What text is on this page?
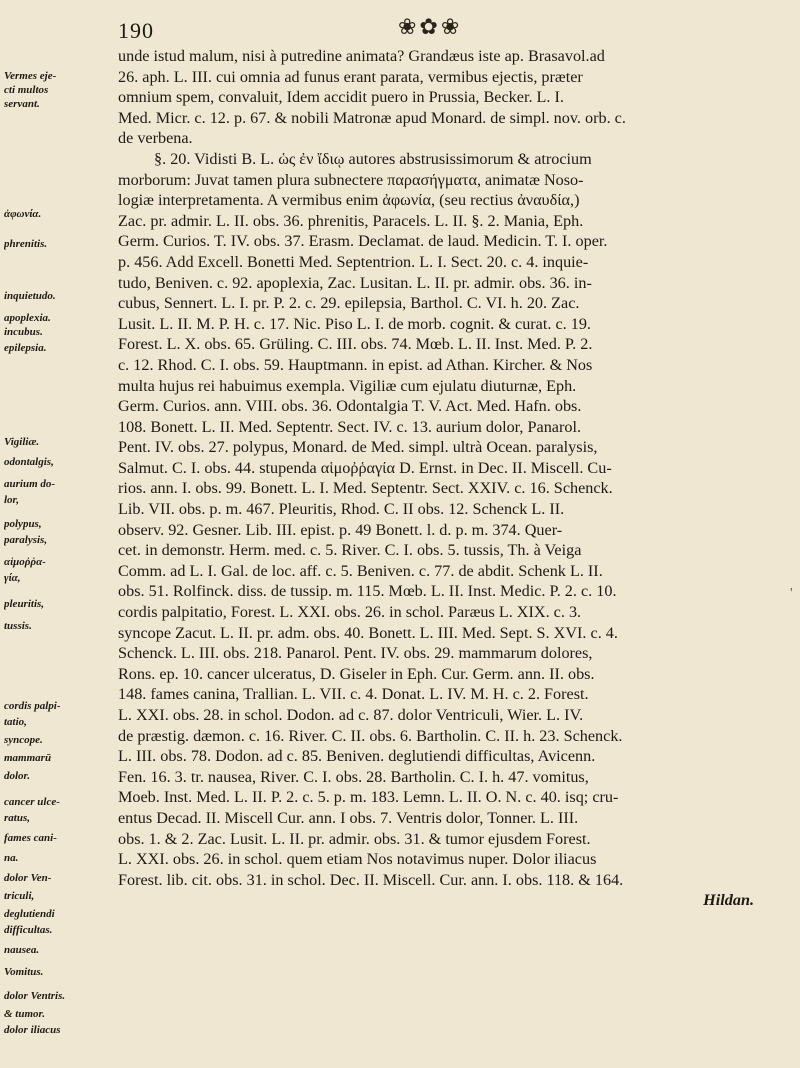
190	❀✿❀
Vermes eje-
cti multos
servant.
ἀφωνία.
phrenitis.
inquietudo.
apoplexia.
incubus.
epilepsia.
Vigiliæ.
odontalgis,
aurium do-
lor,
polypus,
paralysis,
αἱμοῤῥα-
γία,
pleuritis,
tussis.
cordis palpi-
tatio,
syncope.
mammarū
dolor.
cancer ulce-
ratus,
fames cani-
na.
dolor Ven-
triculi,
deglutiendi
difficultas.
nausea.
Vomitus.
dolor Ventris.
& tumor.
dolor iliacus
unde istud malum, nisi à putredine animata? Grandæus iste ap. Brasavol.ad
26. aph. L. III. cui omnia ad funus erant parata, vermibus ejectis, præter
omnium spem, convaluit, Idem accidit puero in Prussia, Becker. L. I.
Med. Micr. c. 12. p. 67. & nobili Matronæ apud Monard. de simpl. nov. orb. c.
de verbena.
§. 20. Vidisti B. L. ὡς ἐν ἴδιῳ autores abstrusissimorum & atrocium
morborum: Juvat tamen plura subnectere παρασήγματα, animatæ Noso-
logiæ interpretamenta. A vermibus enim ἀφωνία, (seu rectius ἀναυδία,)
Zac. pr. admir. L. II. obs. 36. phrenitis, Paracels. L. II. §. 2. Mania, Eph.
Germ. Curios. T. IV. obs. 37. Erasm. Declamat. de laud. Medicin. T. I. oper.
p. 456. Add Excell. Bonetti Med. Septentrion. L. I. Sect. 20. c. 4. inquie-
tudo, Beniven. c. 92. apoplexia, Zac. Lusitan. L. II. pr. admir. obs. 36. in-
cubus, Sennert. L. I. pr. P. 2. c. 29. epilepsia, Barthol. C. VI. h. 20. Zac.
Lusit. L. II. M. P. H. c. 17. Nic. Piso L. I. de morb. cognit. & curat. c. 19.
Forest. L. X. obs. 65. Grüling. C. III. obs. 74. Mœb. L. II. Inst. Med. P. 2.
c. 12. Rhod. C. I. obs. 59. Hauptmann. in epist. ad Athan. Kircher. & Nos
multa hujus rei habuimus exempla. Vigiliæ cum ejulatu diuturnæ, Eph.
Germ. Curios. ann. VIII. obs. 36. Odontalgia T. V. Act. Med. Hafn. obs.
108. Bonett. L. II. Med. Septentr. Sect. IV. c. 13. aurium dolor, Panarol.
Pent. IV. obs. 27. polypus, Monard. de Med. simpl. ultrà Ocean. paralysis,
Salmut. C. I. obs. 44. stupenda αἱμοῤῥαγία D. Ernst. in Dec. II. Miscell. Cu-
rios. ann. I. obs. 99. Bonett. L. I. Med. Septentr. Sect. XXIV. c. 16. Schenck.
Lib. VII. obs. p. m. 467. Pleuritis, Rhod. C. II obs. 12. Schenck L. II.
observ. 92. Gesner. Lib. III. epist. p. 49 Bonett. l. d. p. m. 374. Quer-
cet. in demonstr. Herm. med. c. 5. River. C. I. obs. 5. tussis, Th. à Veiga
Comm. ad L. I. Gal. de loc. aff. c. 5. Beniven. c. 77. de abdit. Schenk L. II.
obs. 51. Rolfinck. diss. de tussip. m. 115. Mœb. L. II. Inst. Medic. P. 2. c. 10.
cordis palpitatio, Forest. L. XXI. obs. 26. in schol. Paræus L. XIX. c. 3.
syncope Zacut. L. II. pr. adm. obs. 40. Bonett. L. III. Med. Sept. S. XVI. c. 4.
Schenck. L. III. obs. 218. Panarol. Pent. IV. obs. 29. mammarum dolores,
Rons. ep. 10. cancer ulceratus, D. Giseler in Eph. Cur. Germ. ann. II. obs.
148. fames canina, Trallian. L. VII. c. 4. Donat. L. IV. M. H. c. 2. Forest.
L. XXI. obs. 28. in schol. Dodon. ad c. 87. dolor Ventriculi, Wier. L. IV.
de præstig. dæmon. c. 16. River. C. II. obs. 6. Bartholin. C. II. h. 23. Schenck.
L. III. obs. 78. Dodon. ad c. 85. Beniven. deglutiendi difficultas, Avicenn.
Fen. 16. 3. tr. nausea, River. C. I. obs. 28. Bartholin. C. I. h. 47. vomitus,
Moeb. Inst. Med. L. II. P. 2. c. 5. p. m. 183. Lemn. L. II. O. N. c. 40. isq; cru-
entus Decad. II. Miscell Cur. ann. I obs. 7. Ventris dolor, Tonner. L. III.
obs. 1. & 2. Zac. Lusit. L. II. pr. admir. obs. 31. & tumor ejusdem Forest.
L. XXI. obs. 26. in schol. quem etiam Nos notavimus nuper. Dolor iliacus
Forest. lib. cit. obs. 31. in schol. Dec. II. Miscell. Cur. ann. I. obs. 118. & 164.
Hildan.
'
